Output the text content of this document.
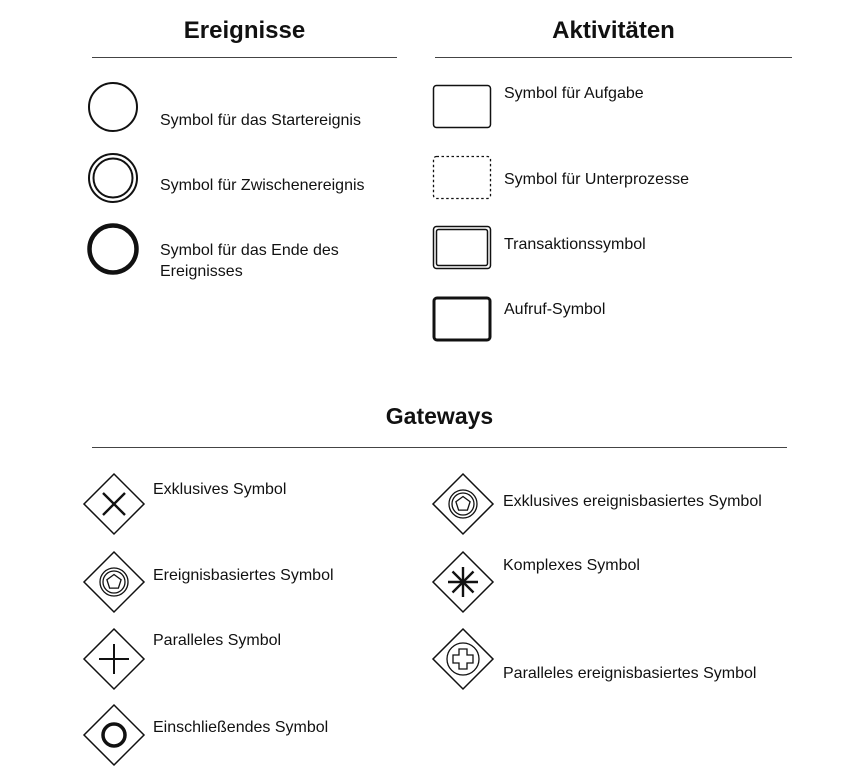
Ereignisse
Symbol für das Startereignis
Symbol für Zwischenereignis
Symbol für das Ende des Ereignisses
Aktivitäten
Symbol für Aufgabe
Symbol für Unterprozesse
Transaktionssymbol
Aufruf-Symbol
Gateways
Exklusives Symbol
Ereignisbasiertes Symbol
Paralleles Symbol
Einschließendes Symbol
Exklusives ereignisbasiertes Symbol
Komplexes Symbol
Paralleles ereignisbasiertes Symbol
